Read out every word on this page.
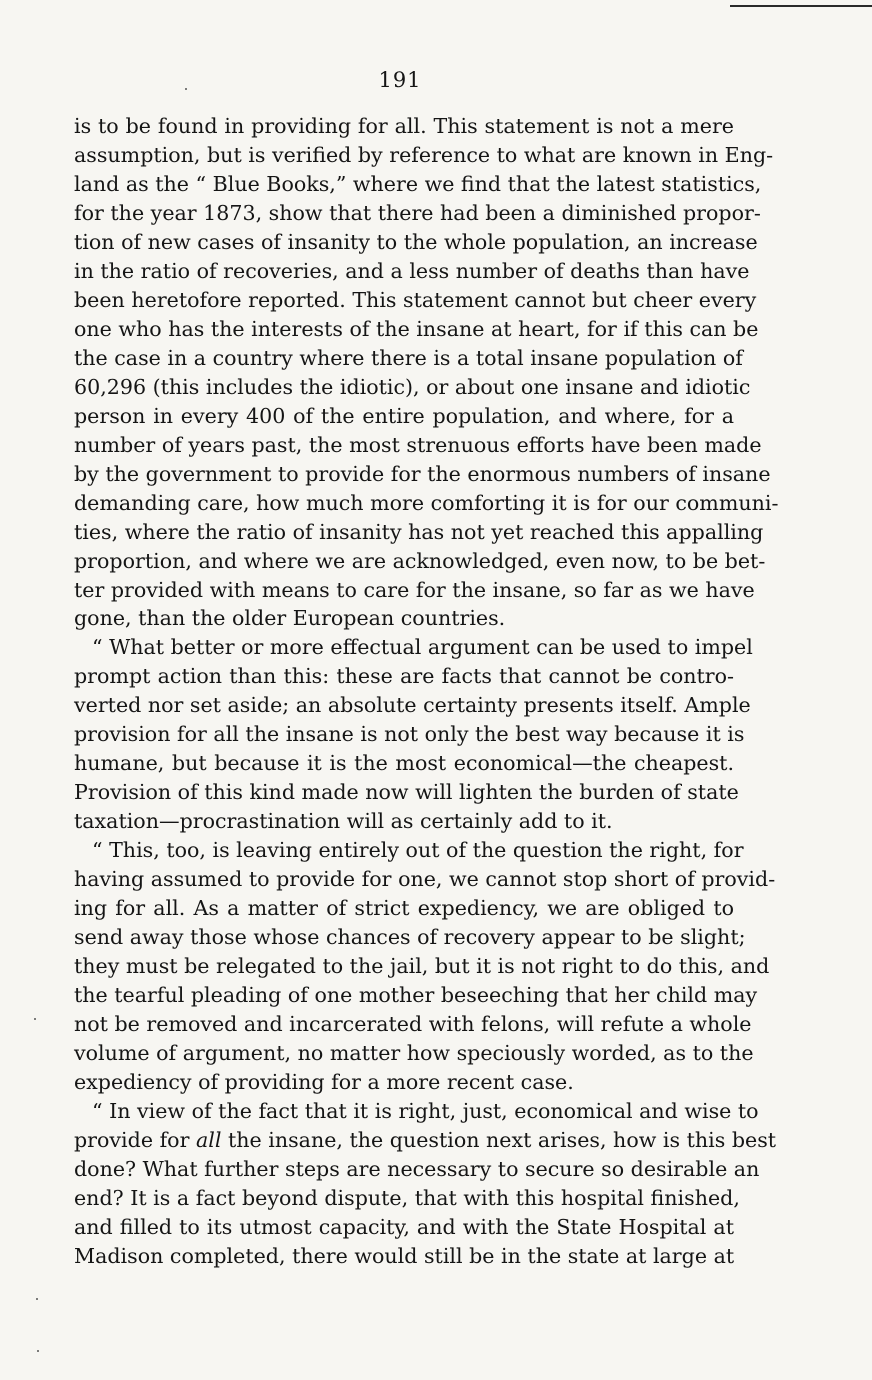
191
is to be found in providing for all. This statement is not a mere
assumption, but is verified by reference to what are known in Eng-
land as the “ Blue Books,” where we find that the latest statistics,
for the year 1873, show that there had been a diminished propor-
tion of new cases of insanity to the whole population, an increase
in the ratio of recoveries, and a less number of deaths than have
been heretofore reported. This statement cannot but cheer every
one who has the interests of the insane at heart, for if this can be
the case in a country where there is a total insane population of
60,296 (this includes the idiotic), or about one insane and idiotic
person in every 400 of the entire population, and where, for a
number of years past, the most strenuous efforts have been made
by the government to provide for the enormous numbers of insane
demanding care, how much more comforting it is for our communi-
ties, where the ratio of insanity has not yet reached this appalling
proportion, and where we are acknowledged, even now, to be bet-
ter provided with means to care for the insane, so far as we have
gone, than the older European countries.
“ What better or more effectual argument can be used to impel
prompt action than this: these are facts that cannot be contro-
verted nor set aside; an absolute certainty presents itself. Ample
provision for all the insane is not only the best way because it is
humane, but because it is the most economical—the cheapest.
Provision of this kind made now will lighten the burden of state
taxation—procrastination will as certainly add to it.
“ This, too, is leaving entirely out of the question the right, for
having assumed to provide for one, we cannot stop short of provid-
ing for all. As a matter of strict expediency, we are obliged to
send away those whose chances of recovery appear to be slight;
they must be relegated to the jail, but it is not right to do this, and
the tearful pleading of one mother beseeching that her child may
not be removed and incarcerated with felons, will refute a whole
volume of argument, no matter how speciously worded, as to the
expediency of providing for a more recent case.
“ In view of the fact that it is right, just, economical and wise to
provide for all the insane, the question next arises, how is this best
done? What further steps are necessary to secure so desirable an
end? It is a fact beyond dispute, that with this hospital finished,
and filled to its utmost capacity, and with the State Hospital at
Madison completed, there would still be in the state at large at
